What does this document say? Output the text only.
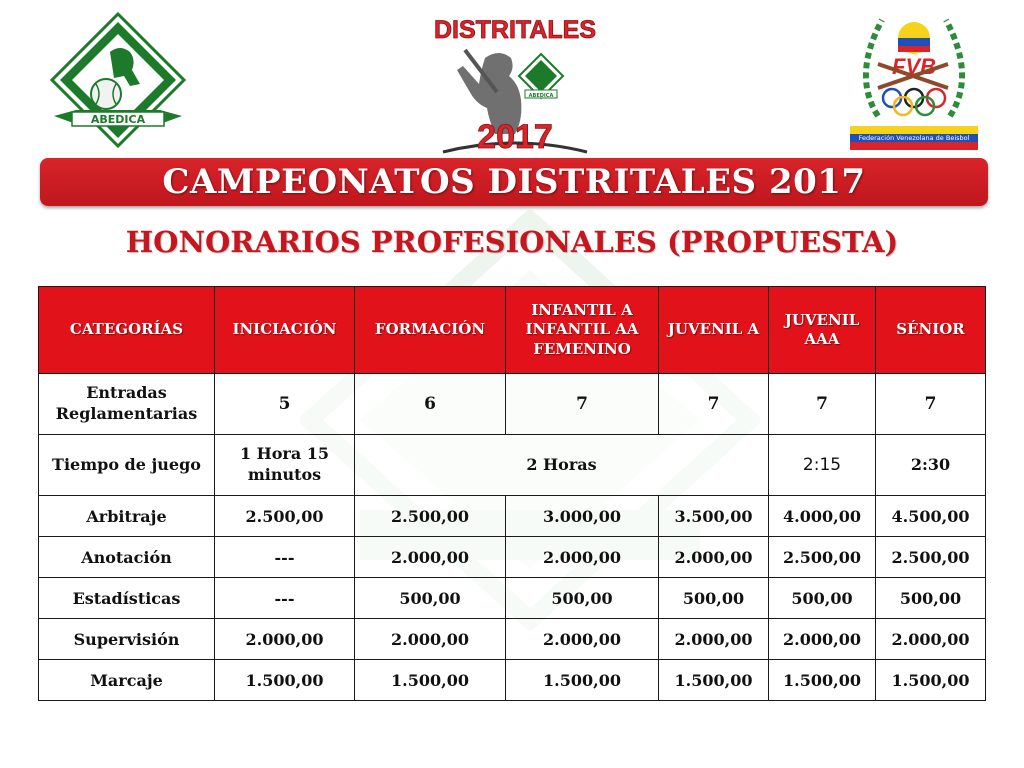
ABEDICA
DISTRITALES
ABEDICA
2017
FVB
Federación Venezolana de Beisbol
CAMPEONATOS DISTRITALES 2017
HONORARIOS PROFESIONALES (PROPUESTA)
CATEGORÍAS	INICIACIÓN	FORMACIÓN	INFANTIL A INFANTIL AA FEMENINO	JUVENIL A	JUVENIL AAA	SÉNIOR
Entradas Reglamentarias	5	6	7	7	7	7
Tiempo de juego	1 Hora 15 minutos	2 Horas			2:15	2:30
Arbitraje	2.500,00	2.500,00	3.000,00	3.500,00	4.000,00	4.500,00
Anotación	---	2.000,00	2.000,00	2.000,00	2.500,00	2.500,00
Estadísticas	---	500,00	500,00	500,00	500,00	500,00
Supervisión	2.000,00	2.000,00	2.000,00	2.000,00	2.000,00	2.000,00
Marcaje	1.500,00	1.500,00	1.500,00	1.500,00	1.500,00	1.500,00
